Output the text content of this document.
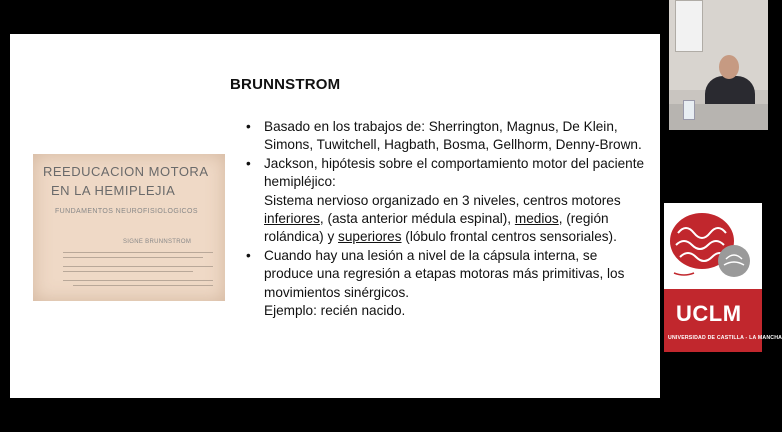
BRUNNSTROM
REEDUCACION MOTORA
EN LA HEMIPLEJIA
FUNDAMENTOS NEUROFISIOLOGICOS
SIGNE BRUNNSTROM
• Basado en los trabajos de: Sherrington, Magnus, De Klein, Simons, Tuwitchell, Hagbath, Bosma, Gellhorm, Denny-Brown.
• Jackson, hipótesis sobre el comportamiento motor del paciente hemipléjico:
Sistema nervioso organizado en 3 niveles, centros motores inferiores, (asta anterior médula espinal), medios, (región rolándica) y superiores (lóbulo frontal centros sensoriales).
• Cuando hay una lesión a nivel de la cápsula interna, se produce una regresión a etapas motoras más primitivas, los movimientos sinérgicos.
Ejemplo: recién nacido.	UCLM
UNIVERSIDAD DE CASTILLA - LA MANCHA
